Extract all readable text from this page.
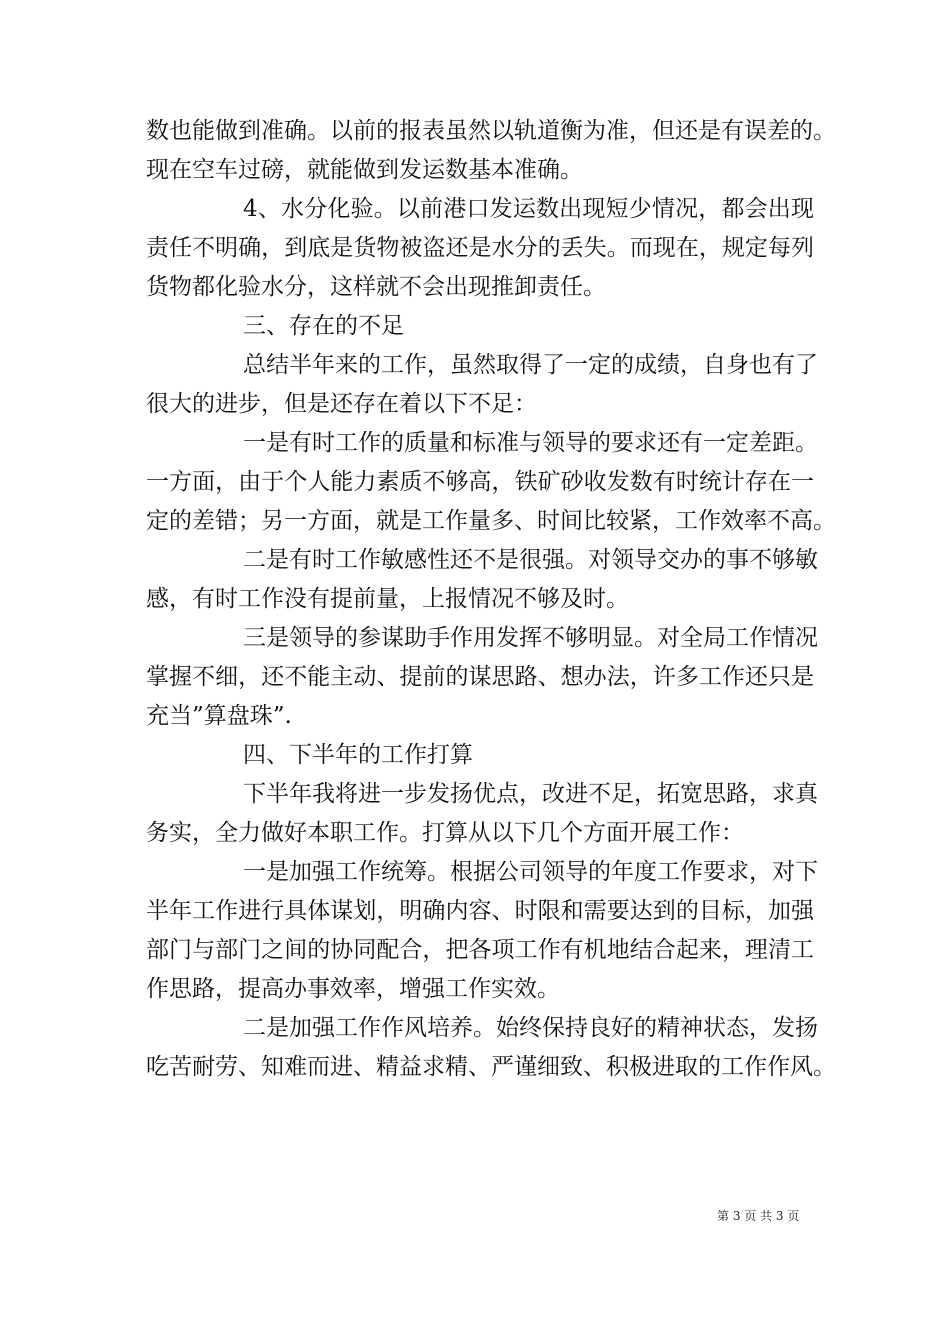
数也能做到准确。以前的报表虽然以轨道衡为准，但还是有误差的。
现在空车过磅，就能做到发运数基本准确。
4、水分化验。以前港口发运数出现短少情况，都会出现
责任不明确，到底是货物被盗还是水分的丢失。而现在，规定每列
货物都化验水分，这样就不会出现推卸责任。
三、存在的不足
总结半年来的工作，虽然取得了一定的成绩，自身也有了
很大的进步，但是还存在着以下不足：
一是有时工作的质量和标准与领导的要求还有一定差距。
一方面，由于个人能力素质不够高，铁矿砂收发数有时统计存在一
定的差错；另一方面，就是工作量多、时间比较紧，工作效率不高。
二是有时工作敏感性还不是很强。对领导交办的事不够敏
感，有时工作没有提前量，上报情况不够及时。
三是领导的参谋助手作用发挥不够明显。对全局工作情况
掌握不细，还不能主动、提前的谋思路、想办法，许多工作还只是
充当”算盘珠”.
四、下半年的工作打算
下半年我将进一步发扬优点，改进不足，拓宽思路，求真
务实，全力做好本职工作。打算从以下几个方面开展工作：
一是加强工作统筹。根据公司领导的年度工作要求，对下
半年工作进行具体谋划，明确内容、时限和需要达到的目标，加强
部门与部门之间的协同配合，把各项工作有机地结合起来，理清工
作思路，提高办事效率，增强工作实效。
二是加强工作作风培养。始终保持良好的精神状态，发扬
吃苦耐劳、知难而进、精益求精、严谨细致、积极进取的工作作风。
第 3 页 共 3 页
